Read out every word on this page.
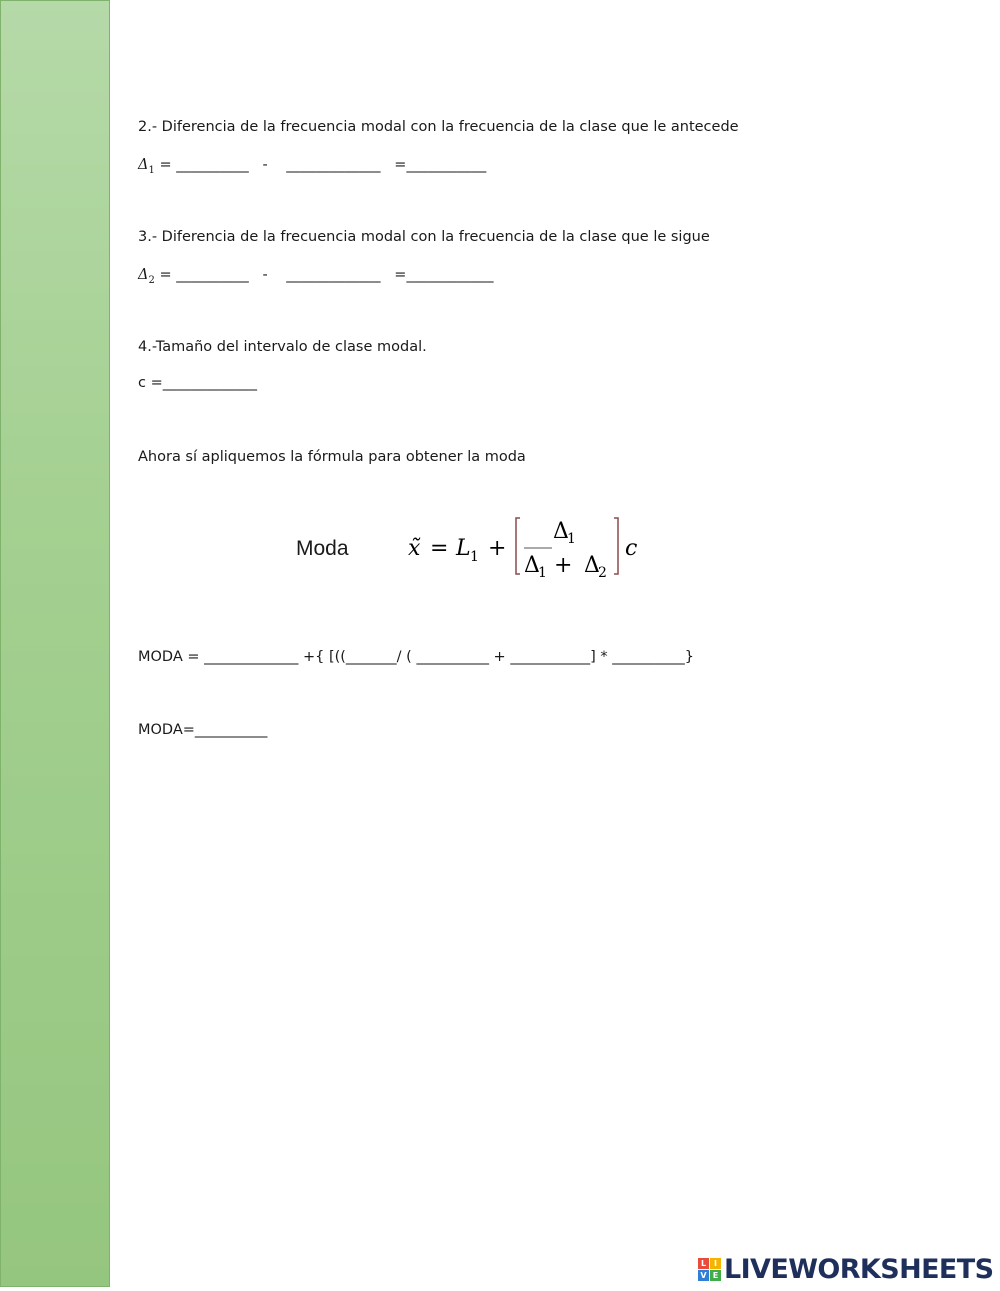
2.- Diferencia de la frecuencia modal con la frecuencia de la clase que le antecede
$\Delta_1$ = __________   -    _____________   =___________
3.- Diferencia de la frecuencia modal con la frecuencia de la clase que le sigue
$\Delta_2$ = __________   -    _____________   =____________
4.-Tamaño del intervalo de clase modal.
c =_____________
Ahora sí apliquemos la fórmula para obtener la moda
Moda	x̃ = L 1 +
Δ
1
Δ
1 + Δ
2
c
MODA = _____________ +{ [((_______/ ( __________ + ___________] * __________}
MODA=__________
L I
V E LIVEWORKSHEETS
